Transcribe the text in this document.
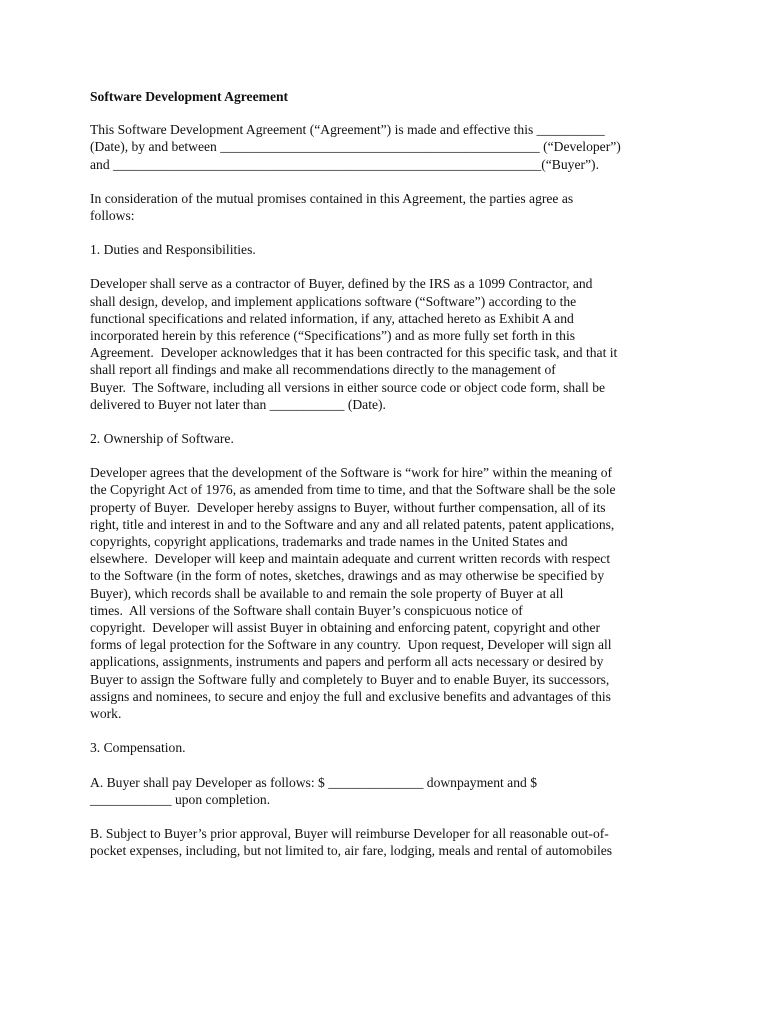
Software Development Agreement
This Software Development Agreement (“Agreement”) is made and effective this __________
(Date), by and between _______________________________________________ (“Developer”)
and _______________________________________________________________(“Buyer”).
In consideration of the mutual promises contained in this Agreement, the parties agree as
follows:
1. Duties and Responsibilities.
Developer shall serve as a contractor of Buyer, defined by the IRS as a 1099 Contractor, and
shall design, develop, and implement applications software (“Software”) according to the
functional specifications and related information, if any, attached hereto as Exhibit A and
incorporated herein by this reference (“Specifications”) and as more fully set forth in this
Agreement.  Developer acknowledges that it has been contracted for this specific task, and that it
shall report all findings and make all recommendations directly to the management of
Buyer.  The Software, including all versions in either source code or object code form, shall be
delivered to Buyer not later than ___________ (Date).
2. Ownership of Software.
Developer agrees that the development of the Software is “work for hire” within the meaning of
the Copyright Act of 1976, as amended from time to time, and that the Software shall be the sole
property of Buyer.  Developer hereby assigns to Buyer, without further compensation, all of its
right, title and interest in and to the Software and any and all related patents, patent applications,
copyrights, copyright applications, trademarks and trade names in the United States and
elsewhere.  Developer will keep and maintain adequate and current written records with respect
to the Software (in the form of notes, sketches, drawings and as may otherwise be specified by
Buyer), which records shall be available to and remain the sole property of Buyer at all
times.  All versions of the Software shall contain Buyer’s conspicuous notice of
copyright.  Developer will assist Buyer in obtaining and enforcing patent, copyright and other
forms of legal protection for the Software in any country.  Upon request, Developer will sign all
applications, assignments, instruments and papers and perform all acts necessary or desired by
Buyer to assign the Software fully and completely to Buyer and to enable Buyer, its successors,
assigns and nominees, to secure and enjoy the full and exclusive benefits and advantages of this
work.
3. Compensation.
A. Buyer shall pay Developer as follows: $ ______________ downpayment and $
____________ upon completion.
B. Subject to Buyer’s prior approval, Buyer will reimburse Developer for all reasonable out-of-
pocket expenses, including, but not limited to, air fare, lodging, meals and rental of automobiles
